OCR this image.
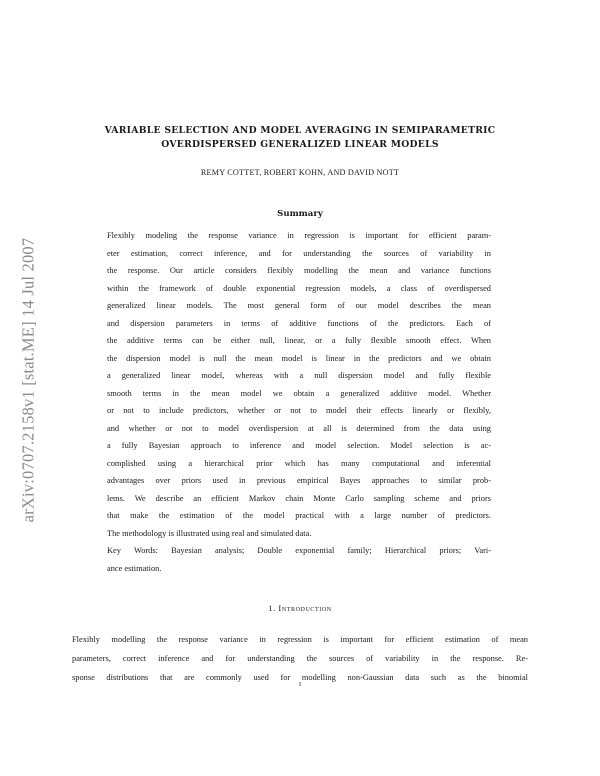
arXiv:0707.2158v1 [stat.ME] 14 Jul 2007
VARIABLE SELECTION AND MODEL AVERAGING IN SEMIPARAMETRIC
OVERDISPERSED GENERALIZED LINEAR MODELS
REMY COTTET, ROBERT KOHN, AND DAVID NOTT
Summary
Flexibly modeling the response variance in regression is important for efficient param-
eter estimation, correct inference, and for understanding the sources of variability in
the response. Our article considers flexibly modelling the mean and variance functions
within the framework of double exponential regression models, a class of overdispersed
generalized linear models. The most general form of our model describes the mean
and dispersion parameters in terms of additive functions of the predictors. Each of
the additive terms can be either null, linear, or a fully flexible smooth effect. When
the dispersion model is null the mean model is linear in the predictors and we obtain
a generalized linear model, whereas with a null dispersion model and fully flexible
smooth terms in the mean model we obtain a generalized additive model. Whether
or not to include predictors, whether or not to model their effects linearly or flexibly,
and whether or not to model overdispersion at all is determined from the data using
a fully Bayesian approach to inference and model selection. Model selection is ac-
complished using a hierarchical prior which has many computational and inferential
advantages over priors used in previous empirical Bayes approaches to similar prob-
lems. We describe an efficient Markov chain Monte Carlo sampling scheme and priors
that make the estimation of the model practical with a large number of predictors.
The methodology is illustrated using real and simulated data.
Key Words: Bayesian analysis; Double exponential family; Hierarchical priors; Vari-
ance estimation.
1. Introduction
Flexibly modelling the response variance in regression is important for efficient estimation of mean
parameters, correct inference and for understanding the sources of variability in the response. Re-
sponse distributions that are commonly used for modelling non-Gaussian data such as the binomial
1
